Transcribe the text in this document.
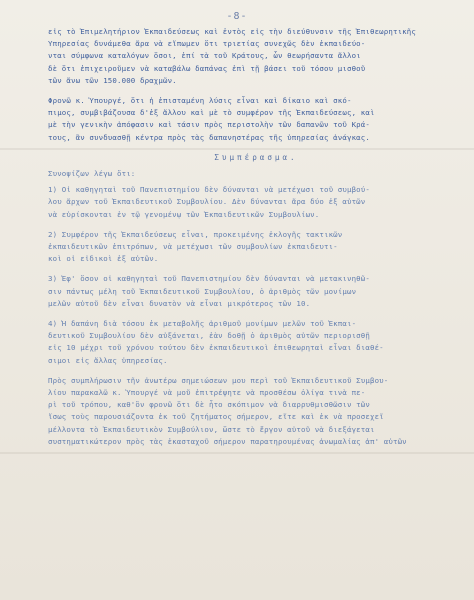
-8-
εἰς τὸ Ἐπιμελητήριον Ἐκπαιδεύσεως καὶ ἐντὸς εἰς τὴν διεύθυνσιν τῆς Ἐπιθεωρητικῆς
Ὑπηρεσίας δυνάμεθα ἄρα νὰ εἴπωμεν ὅτι τριετίας συνεχῶς δὲν ἐκπαιδεύο-
νται σύμφωνα καταλόγων ὅσοι, ἐπί τὰ τοῦ Κράτους, ὧν θεωρήσαντα ἄλλοι
δὲ ὅτι ἐπιχειροῦμεν νὰ καταβάλω δαπάνας ἐπὶ τῇ βάσει τοῦ τόσου μισθοῦ
τῶν ἄνω τῶν 150.000 δραχμῶν.
Φρονῶ κ. Ὑπουργέ, ὅτι ἡ ἐπισταμένη λύσις εἶναι καὶ δίκαιο καὶ σκό-
πιμος, συμβιβάζουσα δ'ἐξ ἄλλου καὶ μὲ τὸ συμφέρον τῆς Ἐκπαιδεύσεως, καὶ
μὲ τὴν γενικὴν ἀπόφασιν καὶ τάσιν πρὸς περιστολὴν τῶν δαπανῶν τοῦ Κρά-
τους, ἂν συνδυασθῇ κέντρα πρὸς τὰς δαπανηστέρας τῆς ὑπηρεσίας ἀνάγκας.
Συμπέρασμα.
Συνοψίζων λέγω ὅτι:
1) Οἱ καθηγηταὶ τοῦ Πανεπιστημίου δὲν δύνανται νὰ μετέχωσι τοῦ συμβού-
λου ἄρχων τοῦ Ἐκπαιδευτικοῦ Συμβουλίου. Δὲν δύνανται ἄρα δύο ἐξ αὐτῶν
νὰ εὑρίσκονται ἐν τῷ γενομένῳ τῶν Ἐκπαιδευτικῶν Συμβουλίων.
2) Συμφέρον τῆς Ἐκπαιδεύσεως εἶναι, προκειμένης ἐκλογῆς τακτικῶν
ἐκπαιδευτικῶν ἐπιτρόπων, νὰ μετέχωσι τῶν συμβουλίων ἐκπαιδευτι-
κοὶ οἱ εἰδικοὶ ἐξ αὐτῶν.
3) Ἐφ' ὅσον οἱ καθηγηταὶ τοῦ Πανεπιστημίου δὲν δύνανται νὰ μετακινηθῶ-
σιν πάντως μέλη τοῦ Ἐκπαιδευτικοῦ Συμβουλίου, ὁ ἀριθμὸς τῶν μονίμων
μελῶν αὐτοῦ δὲν εἶναι δυνατὸν νὰ εἶναι μικρότερος τῶν 10.
4) Ἡ δαπάνη διὰ τόσου ἐκ μεταβολῆς ἀριθμοῦ μονίμων μελῶν τοῦ Ἐκπαι-
δευτικοῦ Συμβουλίου δὲν αὐξάνεται, ἐὰν δοθῇ ὁ ἀριθμὸς αὐτῶν περιορισθῇ
εἰς 10 μέχρι τοῦ χρόνου τούτου δὲν ἐκπαιδευτικοὶ ἐπιθεωρηταὶ εἶναι διαθέ-
σιμοι εἰς ἄλλας ὑπηρεσίας.
Πρὸς συμπλήρωσιν τῆν ἀνωτέρω σημειώσεων μου περὶ τοῦ Ἐκπαιδευτικοῦ Συμβου-
λίου παρακαλῶ κ. Ὑπουργέ νὰ μοῦ ἐπιτρέψητε νὰ προσθέσω ὀλίγα τινὰ πε-
ρὶ τοῦ τρόπου, καθ'ὃν φρονῶ ὅτι δὲ ἦτο σκόπιμον νὰ διαρρυθμισθῶσιν τῶν
ἴσως τοὺς παρουσιάζοντα ἐκ τοῦ ζητήματος σήμερον, εἴτε καὶ ἐκ νὰ προσεχεῖ
μέλλοντα τὸ Ἐκπαιδευτικὸν Συμβούλιον, ὥστε τὸ ἔργον αὐτοῦ νὰ διεξάγεται
συστηματικώτερον πρὸς τὰς ἑκασταχοῦ σήμερον παρατηρουμένας ἀνωμαλίας ἀπ' αὐτῶν
